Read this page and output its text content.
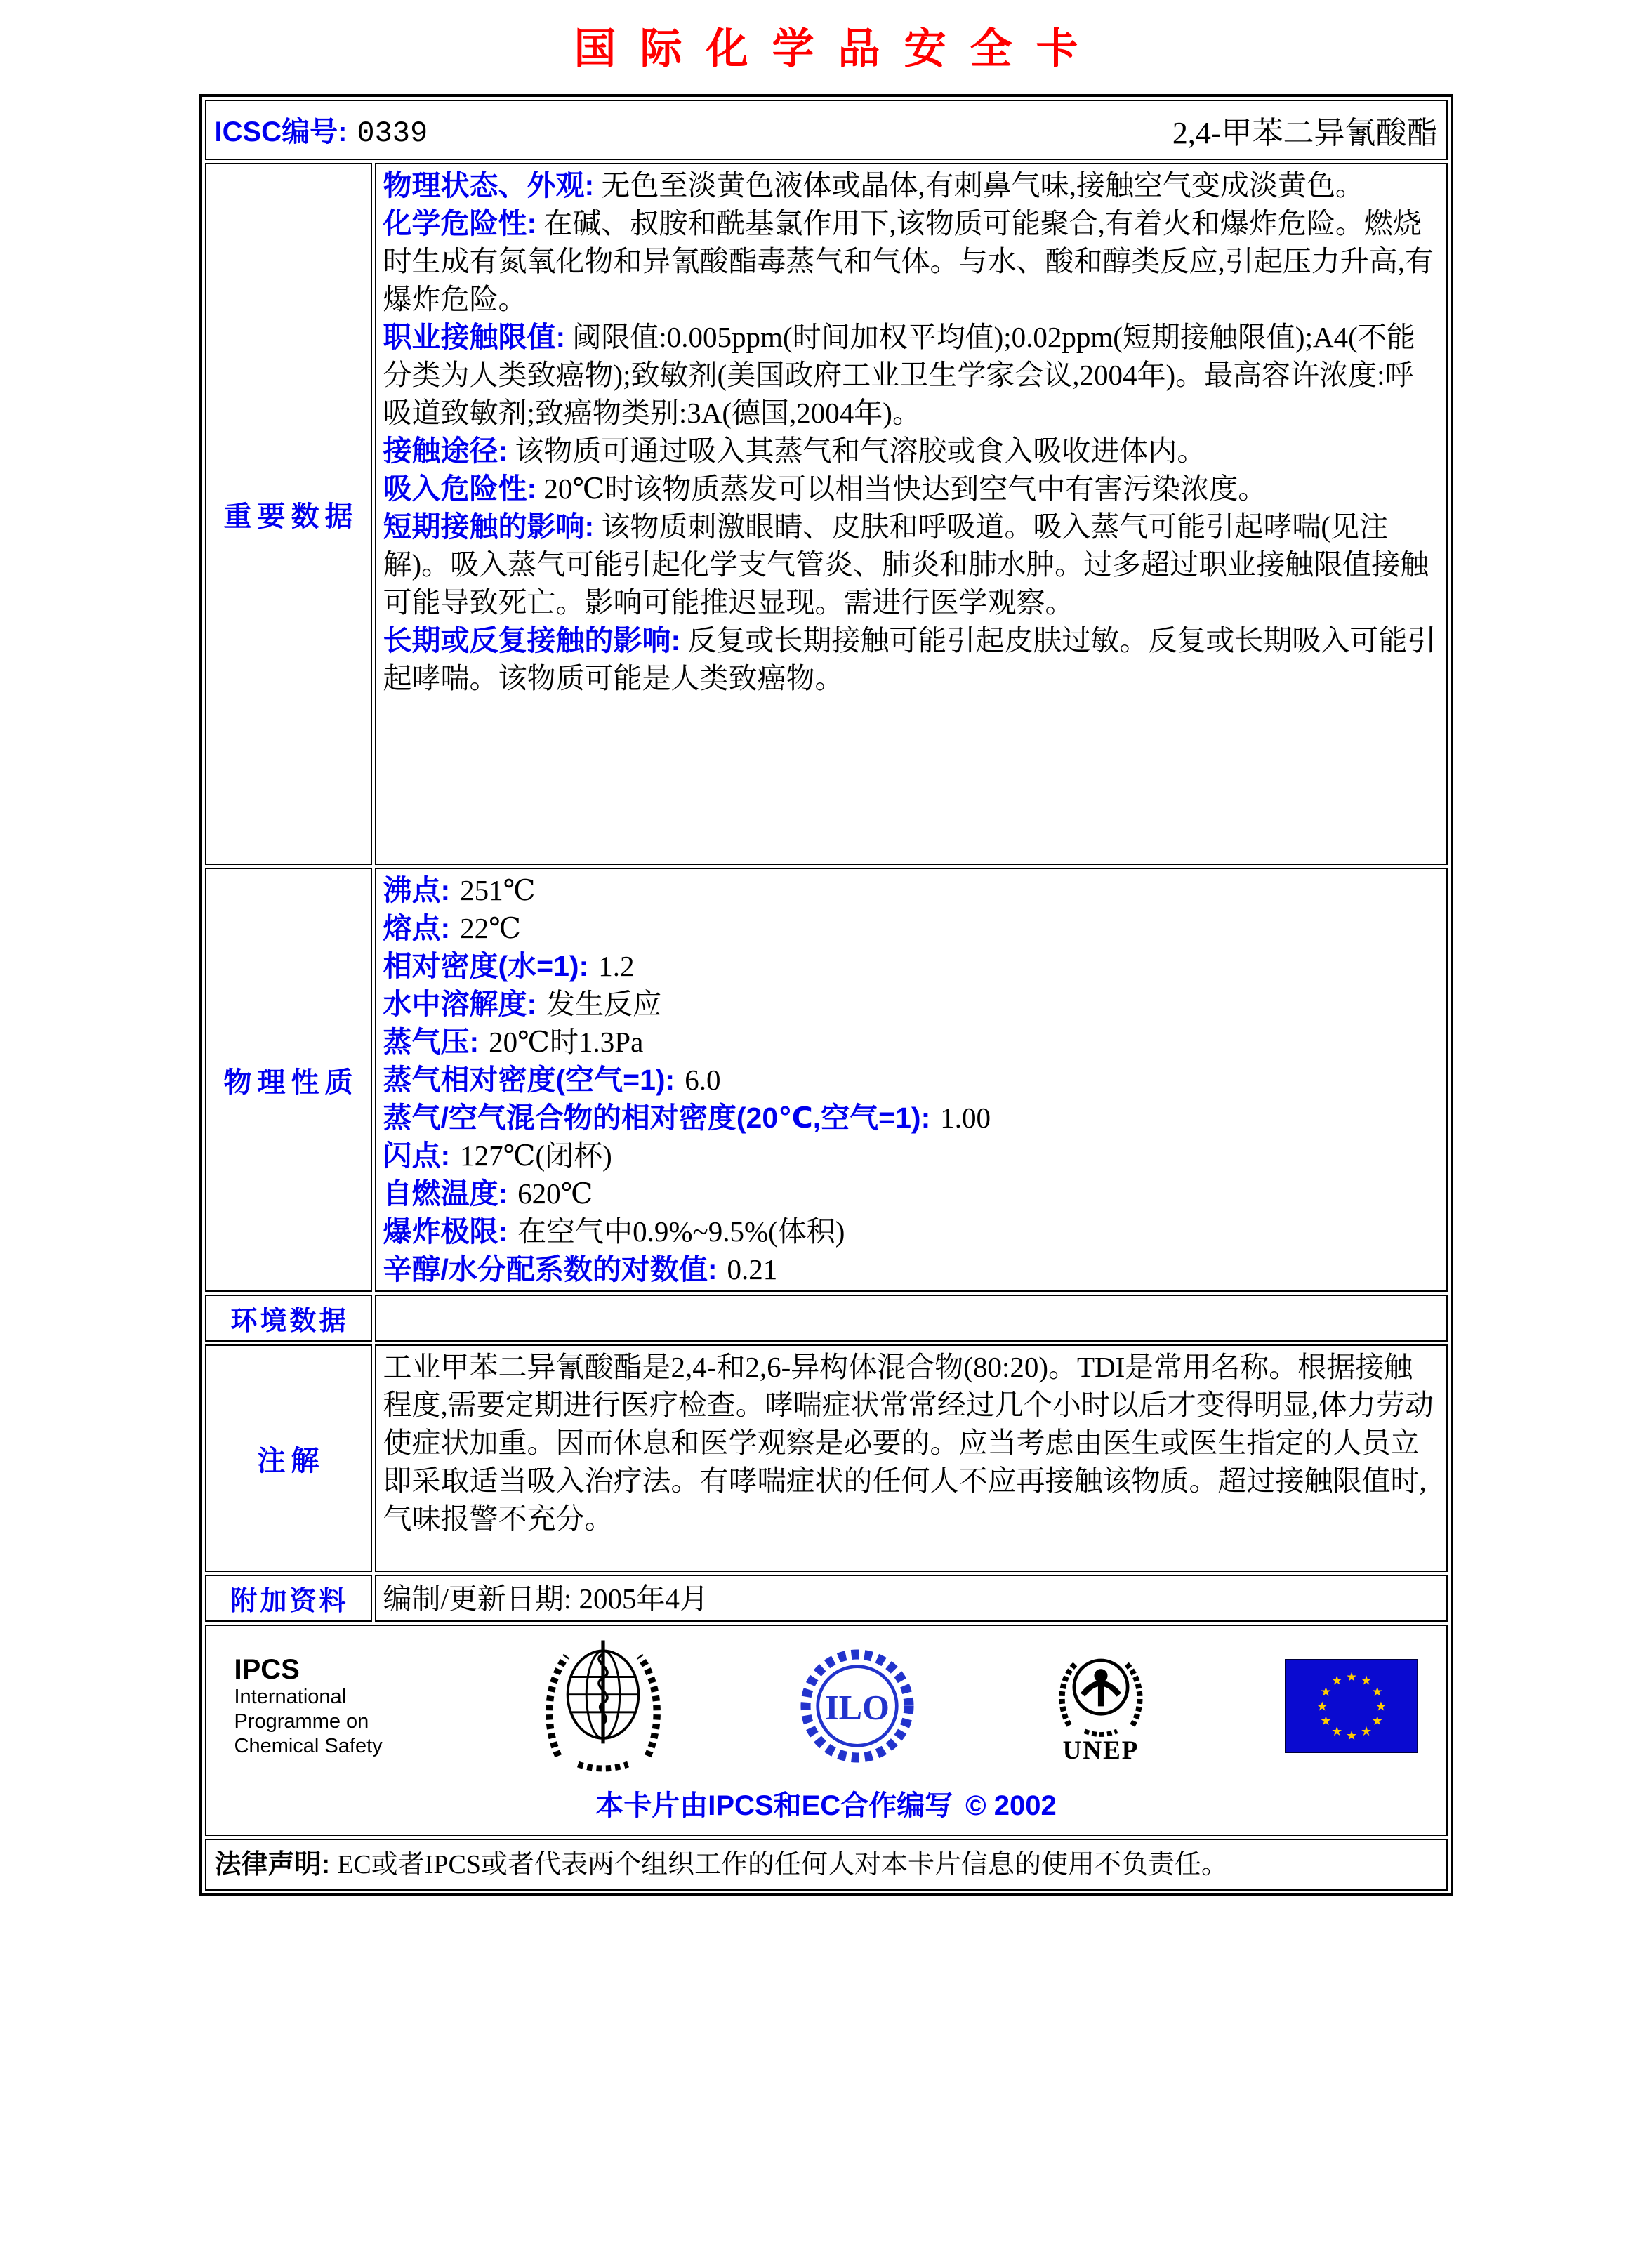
国际化学品安全卡
ICSC编号: 0339	2,4-甲苯二异氰酸酯
重要数据

物理状态、外观: 无色至淡黄色液体或晶体,有刺鼻气味,接触空气变成淡黄色。

化学危险性: 在碱、叔胺和酰基氯作用下,该物质可能聚合,有着火和爆炸危险。燃烧时生成有氮氧化物和异氰酸酯毒蒸气和气体。与水、酸和醇类反应,引起压力升高,有爆炸危险。

职业接触限值: 阈限值:0.005ppm(时间加权平均值);0.02ppm(短期接触限值);A4(不能分类为人类致癌物);致敏剂(美国政府工业卫生学家会议,2004年)。最高容许浓度:呼吸道致敏剂;致癌物类别:3A(德国,2004年)。

接触途径: 该物质可通过吸入其蒸气和气溶胶或食入吸收进体内。

吸入危险性: 20℃时该物质蒸发可以相当快达到空气中有害污染浓度。

短期接触的影响: 该物质刺激眼睛、皮肤和呼吸道。吸入蒸气可能引起哮喘(见注解)。吸入蒸气可能引起化学支气管炎、肺炎和肺水肿。过多超过职业接触限值接触可能导致死亡。影响可能推迟显现。需进行医学观察。

长期或反复接触的影响: 反复或长期接触可能引起皮肤过敏。反复或长期吸入可能引起哮喘。该物质可能是人类致癌物。

物理性质
沸点: 251℃
熔点: 22℃
相对密度(水=1): 1.2
水中溶解度: 发生反应
蒸气压: 20℃时1.3Pa
蒸气相对密度(空气=1): 6.0
蒸气/空气混合物的相对密度(20℃,空气=1): 1.00
闪点: 127℃(闭杯)
自燃温度: 620℃
爆炸极限: 在空气中0.9%~9.5%(体积)
辛醇/水分配系数的对数值: 0.21
环境数据
注解

工业甲苯二异氰酸酯是2,4-和2,6-异构体混合物(80:20)。TDI是常用名称。根据接触程度,需要定期进行医疗检查。哮喘症状常常经过几个小时以后才变得明显,体力劳动使症状加重。因而休息和医学观察是必要的。应当考虑由医生或医生指定的人员立即采取适当吸入治疗法。有哮喘症状的任何人不应再接触该物质。超过接触限值时,气味报警不充分。

附加资料	编制/更新日期: 2005年4月

IPCS
International
Programme on
Chemical Safety
ILO
UNEP
★ ★
★
★
★
★
★
★
★
★
★
★
本卡片由IPCS和EC合作编写 © 2002
法律声明: EC或者IPCS或者代表两个组织工作的任何人对本卡片信息的使用不负责任。
